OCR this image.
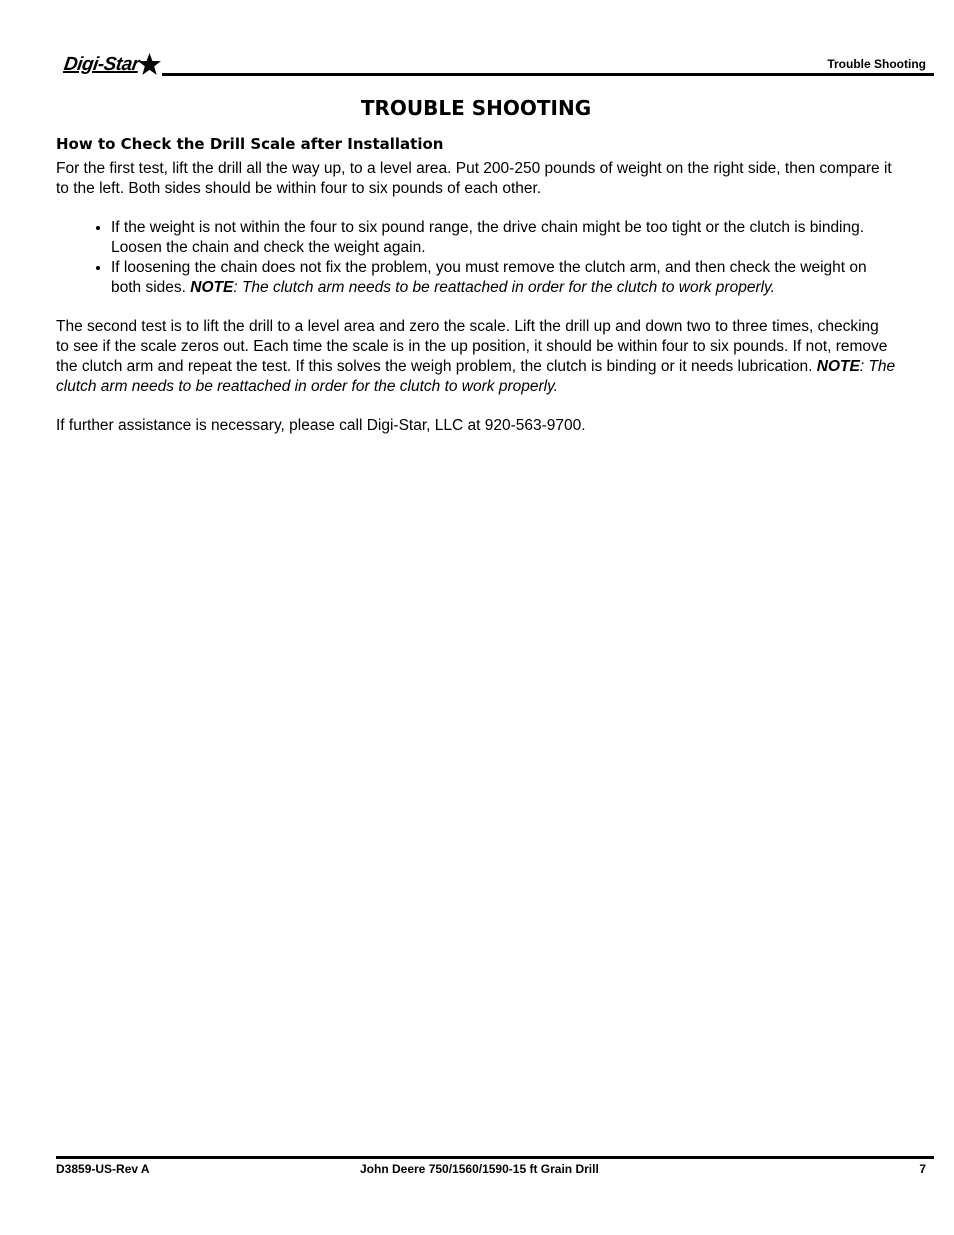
Digi-Star	Trouble Shooting
TROUBLE SHOOTING
How to Check the Drill Scale after Installation

For the first test, lift the drill all the way up, to a level area. Put 200-250 pounds of weight on the right side, then compare it to the left. Both sides should be within four to six pounds of each other.

• If the weight is not within the four to six pound range, the drive chain might be too tight or the clutch is binding. Loosen the chain and check the weight again.
• If loosening the chain does not fix the problem, you must remove the clutch arm, and then check the weight on both sides. NOTE: The clutch arm needs to be reattached in order for the clutch to work properly.

The second test is to lift the drill to a level area and zero the scale. Lift the drill up and down two to three times, checking to see if the scale zeros out. Each time the scale is in the up position, it should be within four to six pounds. If not, remove the clutch arm and repeat the test. If this solves the weigh problem, the clutch is binding or it needs lubrication. NOTE: The clutch arm needs to be reattached in order for the clutch to work properly.

If further assistance is necessary, please call Digi-Star, LLC at 920-563-9700.

D3859-US-Rev A	John Deere 750/1560/1590-15 ft Grain Drill	7
